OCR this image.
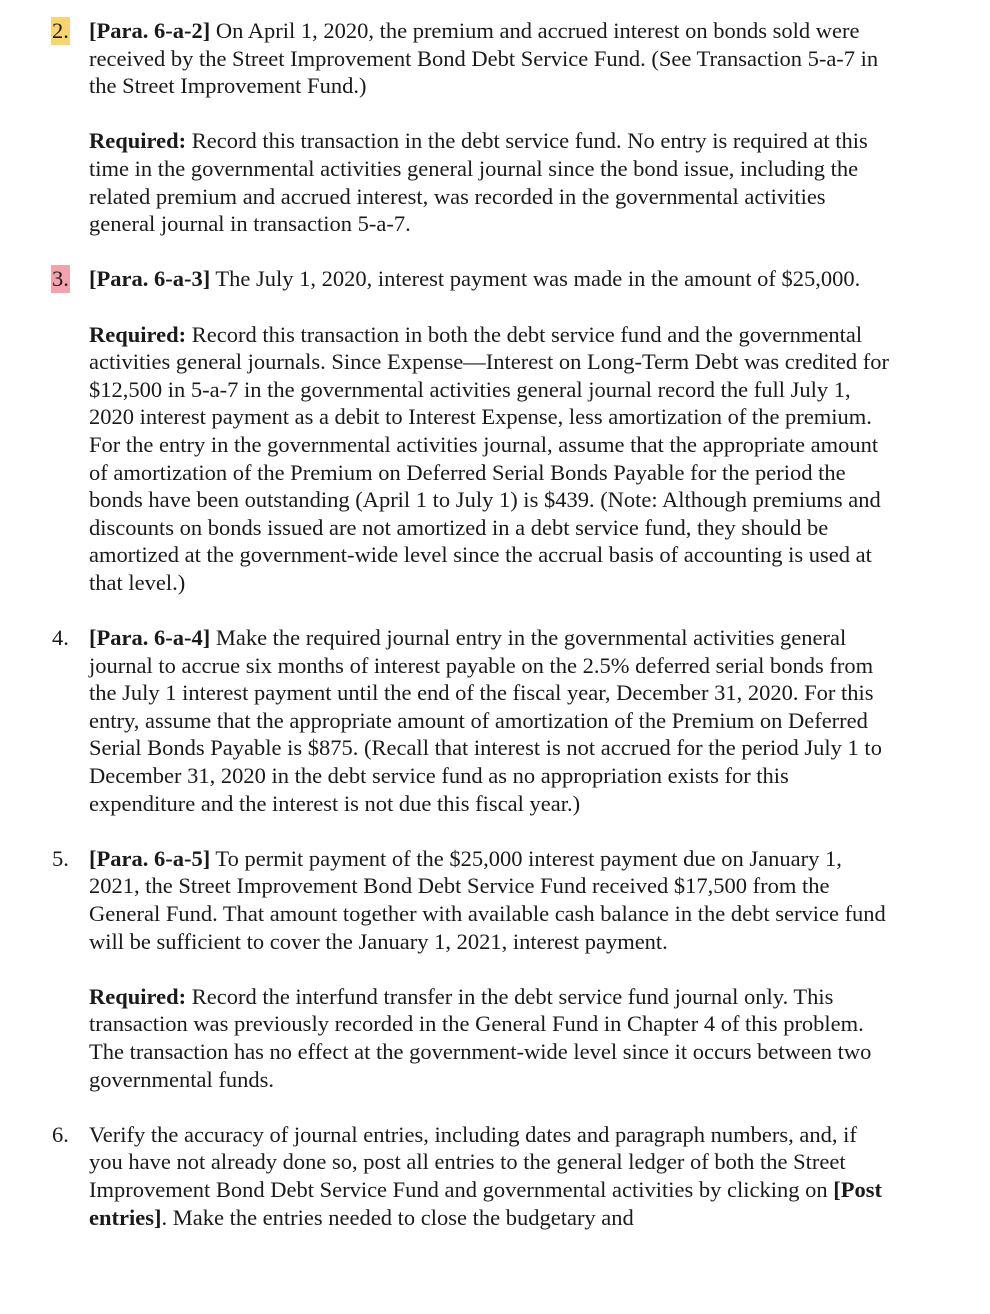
2. [Para. 6-a-2] On April 1, 2020, the premium and accrued interest on bonds sold were received by the Street Improvement Bond Debt Service Fund. (See Transaction 5-a-7 in the Street Improvement Fund.)

Required: Record this transaction in the debt service fund. No entry is required at this time in the governmental activities general journal since the bond issue, including the related premium and accrued interest, was recorded in the governmental activities general journal in transaction 5-a-7.

3. [Para. 6-a-3] The July 1, 2020, interest payment was made in the amount of $25,000.

Required: Record this transaction in both the debt service fund and the governmental activities general journals. Since Expense—Interest on Long-Term Debt was credited for $12,500 in 5-a-7 in the governmental activities general journal record the full July 1, 2020 interest payment as a debit to Interest Expense, less amortization of the premium. For the entry in the governmental activities journal, assume that the appropriate amount of amortization of the Premium on Deferred Serial Bonds Payable for the period the bonds have been outstanding (April 1 to July 1) is $439. (Note: Although premiums and discounts on bonds issued are not amortized in a debt service fund, they should be amortized at the government-wide level since the accrual basis of accounting is used at that level.)

4. [Para. 6-a-4] Make the required journal entry in the governmental activities general journal to accrue six months of interest payable on the 2.5% deferred serial bonds from the July 1 interest payment until the end of the fiscal year, December 31, 2020. For this entry, assume that the appropriate amount of amortization of the Premium on Deferred Serial Bonds Payable is $875. (Recall that interest is not accrued for the period July 1 to December 31, 2020 in the debt service fund as no appropriation exists for this expenditure and the interest is not due this fiscal year.)

5. [Para. 6-a-5] To permit payment of the $25,000 interest payment due on January 1, 2021, the Street Improvement Bond Debt Service Fund received $17,500 from the General Fund. That amount together with available cash balance in the debt service fund will be sufficient to cover the January 1, 2021, interest payment.

Required: Record the interfund transfer in the debt service fund journal only. This transaction was previously recorded in the General Fund in Chapter 4 of this problem. The transaction has no effect at the government-wide level since it occurs between two governmental funds.

6. Verify the accuracy of journal entries, including dates and paragraph numbers, and, if you have not already done so, post all entries to the general ledger of both the Street Improvement Bond Debt Service Fund and governmental activities by clicking on [Post entries]. Make the entries needed to close the budgetary and
